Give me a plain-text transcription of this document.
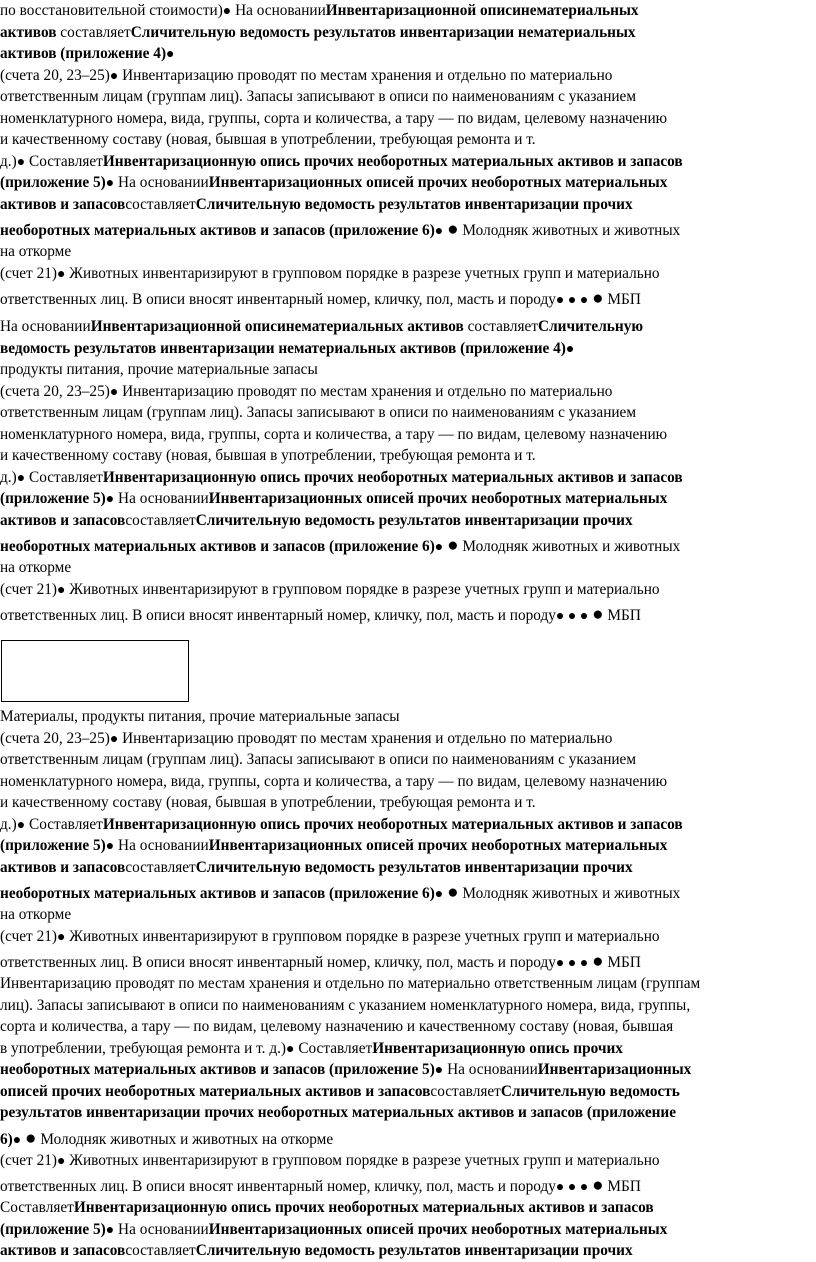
по восстановительной стоимости)● На основанииИнвентаризационной описинематериальных
активов составляетСличительную ведомость результатов инвентаризации нематериальных
активов (приложение 4)●
(счета 20, 23–25)● Инвентаризацию проводят по местам хранения и отдельно по материально
ответственным лицам (группам лиц). Запасы записывают в описи по наименованиям с указанием
номенклатурного номера, вида, группы, сорта и количества, а тару — по видам, целевому назначению
и качественному составу (новая, бывшая в употреблении, требующая ремонта и т.
д.)● СоставляетИнвентаризационную опись прочих необоротных материальных активов и запасов
(приложение 5)● На основанииИнвентаризационных описей прочих необоротных материальных
активов и запасовсоставляетСличительную ведомость результатов инвентаризации прочих
необоротных материальных активов и запасов (приложение 6)● ● Молодняк животных и животных
на откорме
(счет 21)● Животных инвентаризируют в групповом порядке в разрезе учетных групп и материально
ответственных лиц. В описи вносят инвентарный номер, кличку, пол, масть и породу● ● ● ● МБП
На основанииИнвентаризационной описинематериальных активов составляетСличительную
ведомость результатов инвентаризации нематериальных активов (приложение 4)●
продукты питания, прочие материальные запасы
(счета 20, 23–25)● Инвентаризацию проводят по местам хранения и отдельно по материально
ответственным лицам (группам лиц). Запасы записывают в описи по наименованиям с указанием
номенклатурного номера, вида, группы, сорта и количества, а тару — по видам, целевому назначению
и качественному составу (новая, бывшая в употреблении, требующая ремонта и т.
д.)● СоставляетИнвентаризационную опись прочих необоротных материальных активов и запасов
(приложение 5)● На основанииИнвентаризационных описей прочих необоротных материальных
активов и запасовсоставляетСличительную ведомость результатов инвентаризации прочих
необоротных материальных активов и запасов (приложение 6)● ● Молодняк животных и животных
на откорме
(счет 21)● Животных инвентаризируют в групповом порядке в разрезе учетных групп и материально
ответственных лиц. В описи вносят инвентарный номер, кличку, пол, масть и породу● ● ● ● МБП
Материалы, продукты питания, прочие материальные запасы
(счета 20, 23–25)● Инвентаризацию проводят по местам хранения и отдельно по материально
ответственным лицам (группам лиц). Запасы записывают в описи по наименованиям с указанием
номенклатурного номера, вида, группы, сорта и количества, а тару — по видам, целевому назначению
и качественному составу (новая, бывшая в употреблении, требующая ремонта и т.
д.)● СоставляетИнвентаризационную опись прочих необоротных материальных активов и запасов
(приложение 5)● На основанииИнвентаризационных описей прочих необоротных материальных
активов и запасовсоставляетСличительную ведомость результатов инвентаризации прочих
необоротных материальных активов и запасов (приложение 6)● ● Молодняк животных и животных
на откорме
(счет 21)● Животных инвентаризируют в групповом порядке в разрезе учетных групп и материально
ответственных лиц. В описи вносят инвентарный номер, кличку, пол, масть и породу● ● ● ● МБП
Инвентаризацию проводят по местам хранения и отдельно по материально ответственным лицам (группам
лиц). Запасы записывают в описи по наименованиям с указанием номенклатурного номера, вида, группы,
сорта и количества, а тару — по видам, целевому назначению и качественному составу (новая, бывшая
в употреблении, требующая ремонта и т. д.)● СоставляетИнвентаризационную опись прочих
необоротных материальных активов и запасов (приложение 5)● На основанииИнвентаризационных
описей прочих необоротных материальных активов и запасовсоставляетСличительную ведомость
результатов инвентаризации прочих необоротных материальных активов и запасов (приложение
6)● ● Молодняк животных и животных на откорме
(счет 21)● Животных инвентаризируют в групповом порядке в разрезе учетных групп и материально
ответственных лиц. В описи вносят инвентарный номер, кличку, пол, масть и породу● ● ● ● МБП
СоставляетИнвентаризационную опись прочих необоротных материальных активов и запасов
(приложение 5)● На основанииИнвентаризационных описей прочих необоротных материальных
активов и запасовсоставляетСличительную ведомость результатов инвентаризации прочих
